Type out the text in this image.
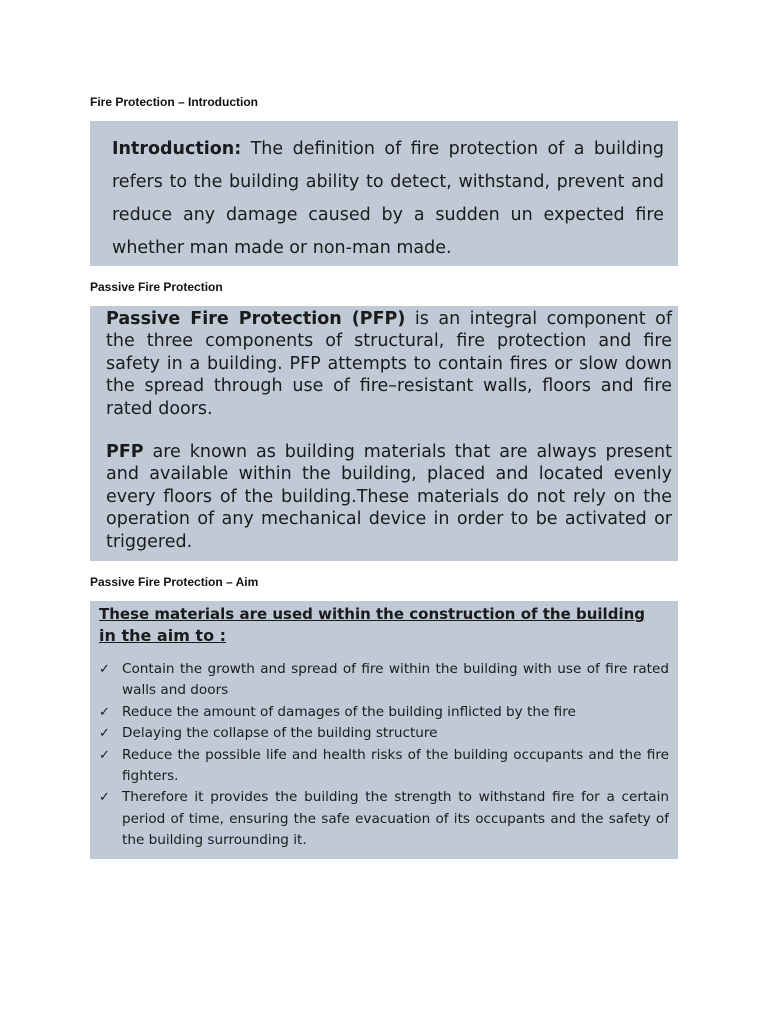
Fire Protection – Introduction

Introduction: The definition of fire protection of a building refers to the building ability to detect, withstand, prevent and reduce any damage caused by a sudden un expected fire whether man made or non-man made.

Passive Fire Protection

Passive Fire Protection (PFP) is an integral component of the three components of structural, fire protection and fire safety in a building. PFP attempts to contain fires or slow down the spread through use of fire–resistant walls, floors and fire rated doors.

PFP are known as building materials that are always present and available within the building, placed and located evenly every floors of the building.These materials do not rely on the operation of any mechanical device in order to be activated or triggered.

Passive Fire Protection – Aim

These materials are used within the construction of the building
in the aim to :

✓ Contain the growth and spread of fire within the building with use of fire rated walls and doors
✓ Reduce the amount of damages of the building inflicted by the fire
✓ Delaying the collapse of the building structure
✓ Reduce the possible life and health risks of the building occupants and the fire fighters.
✓ Therefore it provides the building the strength to withstand fire for a certain period of time, ensuring the safe evacuation of its occupants and the safety of the building surrounding it.
